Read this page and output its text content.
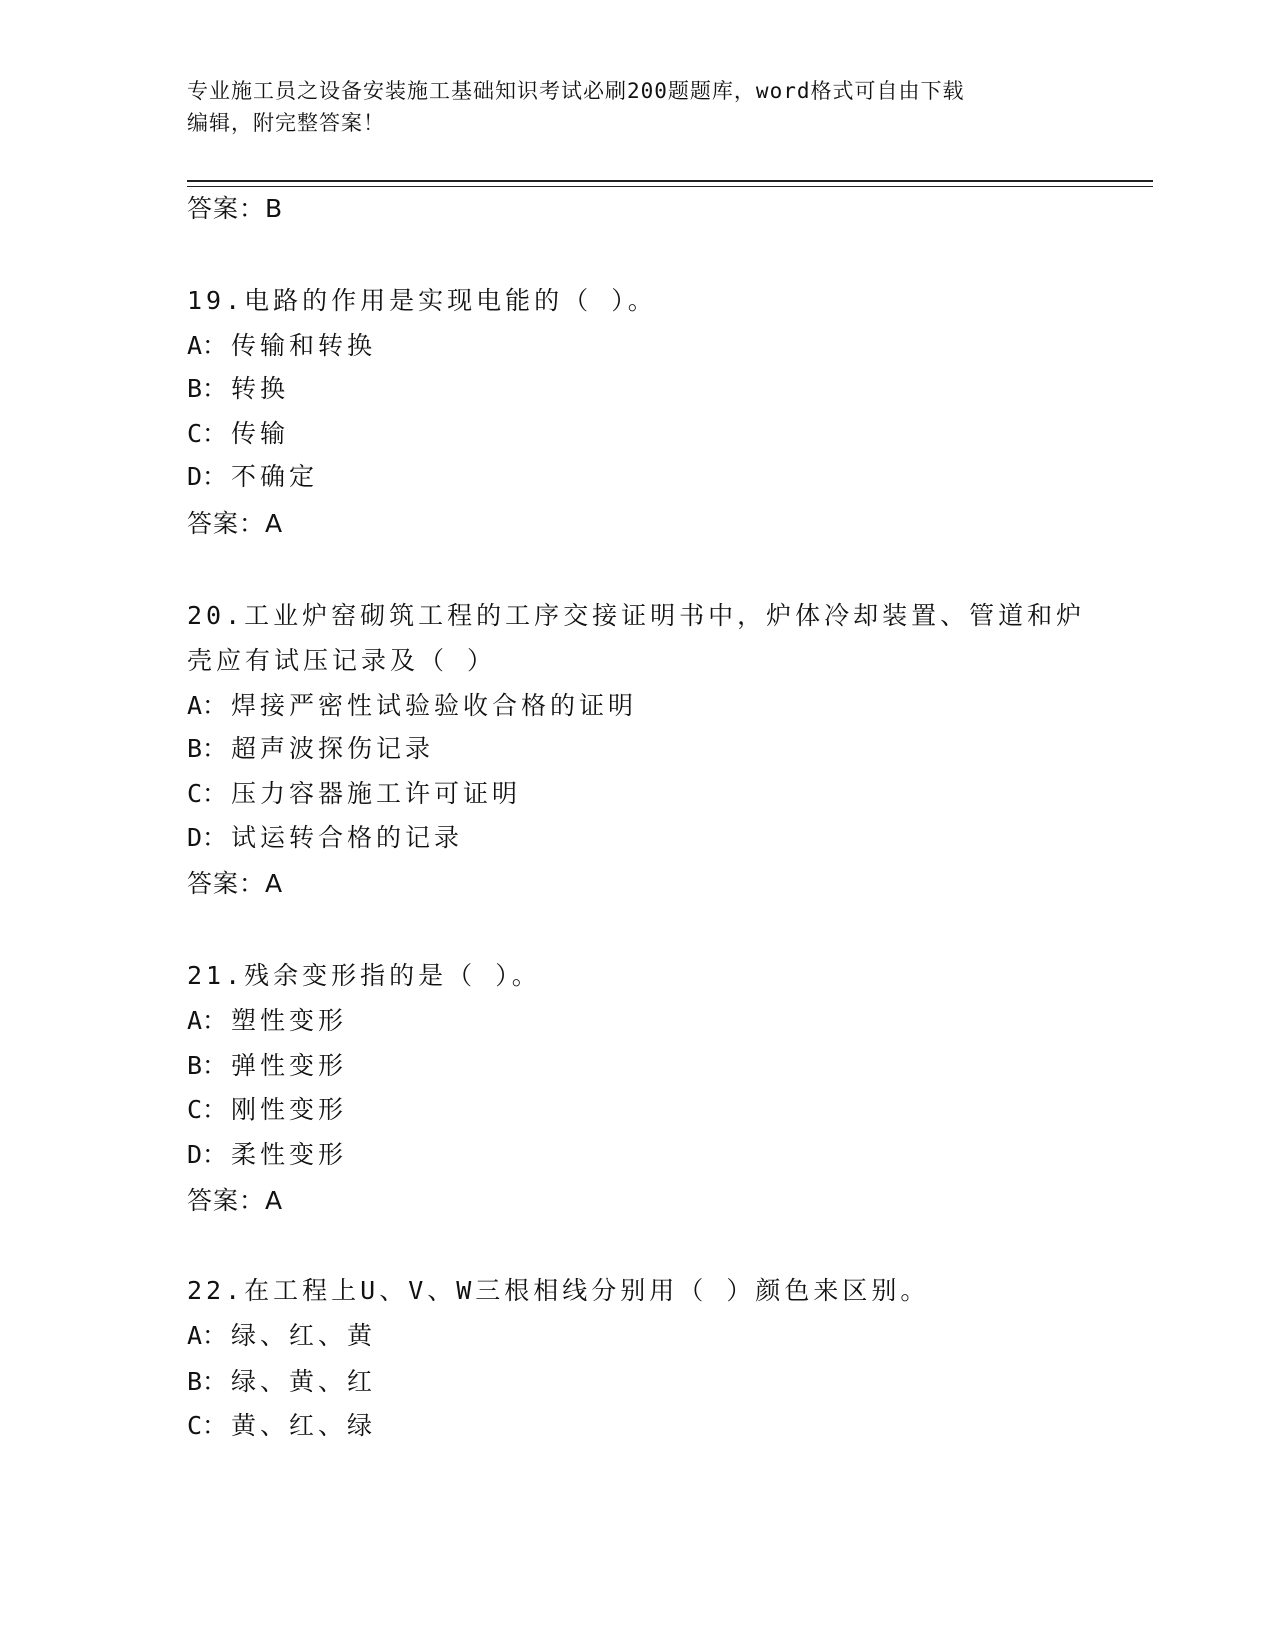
专业施工员之设备安装施工基础知识考试必刷200题题库，word格式可自由下载
编辑，附完整答案！
答案：B
19.电路的作用是实现电能的（ ）。
A： 传输和转换
B： 转换
C： 传输
D： 不确定
答案：A
20.工业炉窑砌筑工程的工序交接证明书中，炉体冷却装置、管道和炉壳应有试压记录及（ ）
A： 焊接严密性试验验收合格的证明
B： 超声波探伤记录
C： 压力容器施工许可证明
D： 试运转合格的记录
答案：A
21.残余变形指的是（ ）。
A： 塑性变形
B： 弹性变形
C： 刚性变形
D： 柔性变形
答案：A
22.在工程上U、V、W三根相线分别用（ ）颜色来区别。
A： 绿、红、黄
B： 绿、黄、红
C： 黄、红、绿
